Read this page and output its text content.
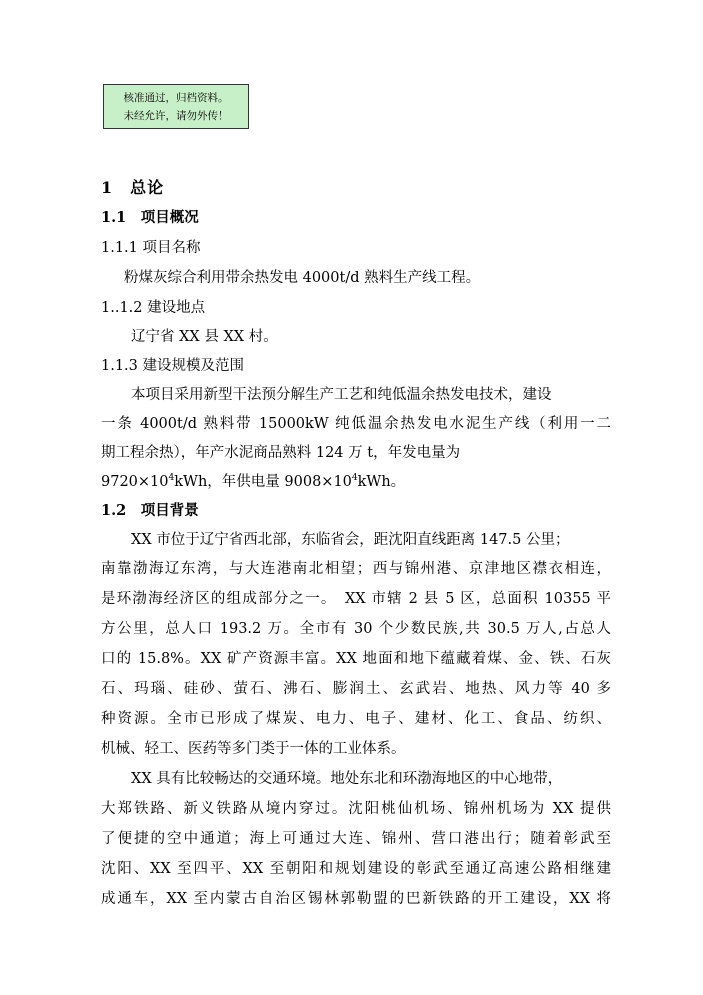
核准通过，归档资料。
未经允许，请勿外传！
1　总论
1.1　项目概况
1.1.1 项目名称
粉煤灰综合利用带余热发电 4000t/d 熟料生产线工程。
1..1.2 建设地点
辽宁省 XX 县 XX 村。
1.1.3 建设规模及范围
本项目采用新型干法预分解生产工艺和纯低温余热发电技术，建设
一条 4000t/d 熟料带 15000kW 纯低温余热发电水泥生产线（利用一二
期工程余热），年产水泥商品熟料 124 万 t，年发电量为
$9720\times 10^4kWh$，年供电量 $9008\times 10^4kWh$。
1.2　项目背景
XX 市位于辽宁省西北部，东临省会，距沈阳直线距离 147.5 公里；
南靠渤海辽东湾，与大连港南北相望；西与锦州港、京津地区襟衣相连，
是环渤海经济区的组成部分之一。　XX 市辖 2 县 5 区，总面积 10355 平
方公里，总人口 193.2 万。全市有 30 个少数民族,共 30.5 万人,占总人
口的 15.8%。XX 矿产资源丰富。XX 地面和地下蕴藏着煤、金、铁、石灰
石、玛瑙、硅砂、萤石、沸石、膨润土、玄武岩、地热、风力等 40 多
种资源。全市已形成了煤炭、电力、电子、建材、化工、食品、纺织、
机械、轻工、医药等多门类于一体的工业体系。
XX 具有比较畅达的交通环境。地处东北和环渤海地区的中心地带，
大郑铁路、新义铁路从境内穿过。沈阳桃仙机场、锦州机场为 XX 提供
了便捷的空中通道；海上可通过大连、锦州、营口港出行；随着彰武至
沈阳、XX 至四平、XX 至朝阳和规划建设的彰武至通辽高速公路相继建
成通车，XX 至内蒙古自治区锡林郭勒盟的巴新铁路的开工建设，XX 将
